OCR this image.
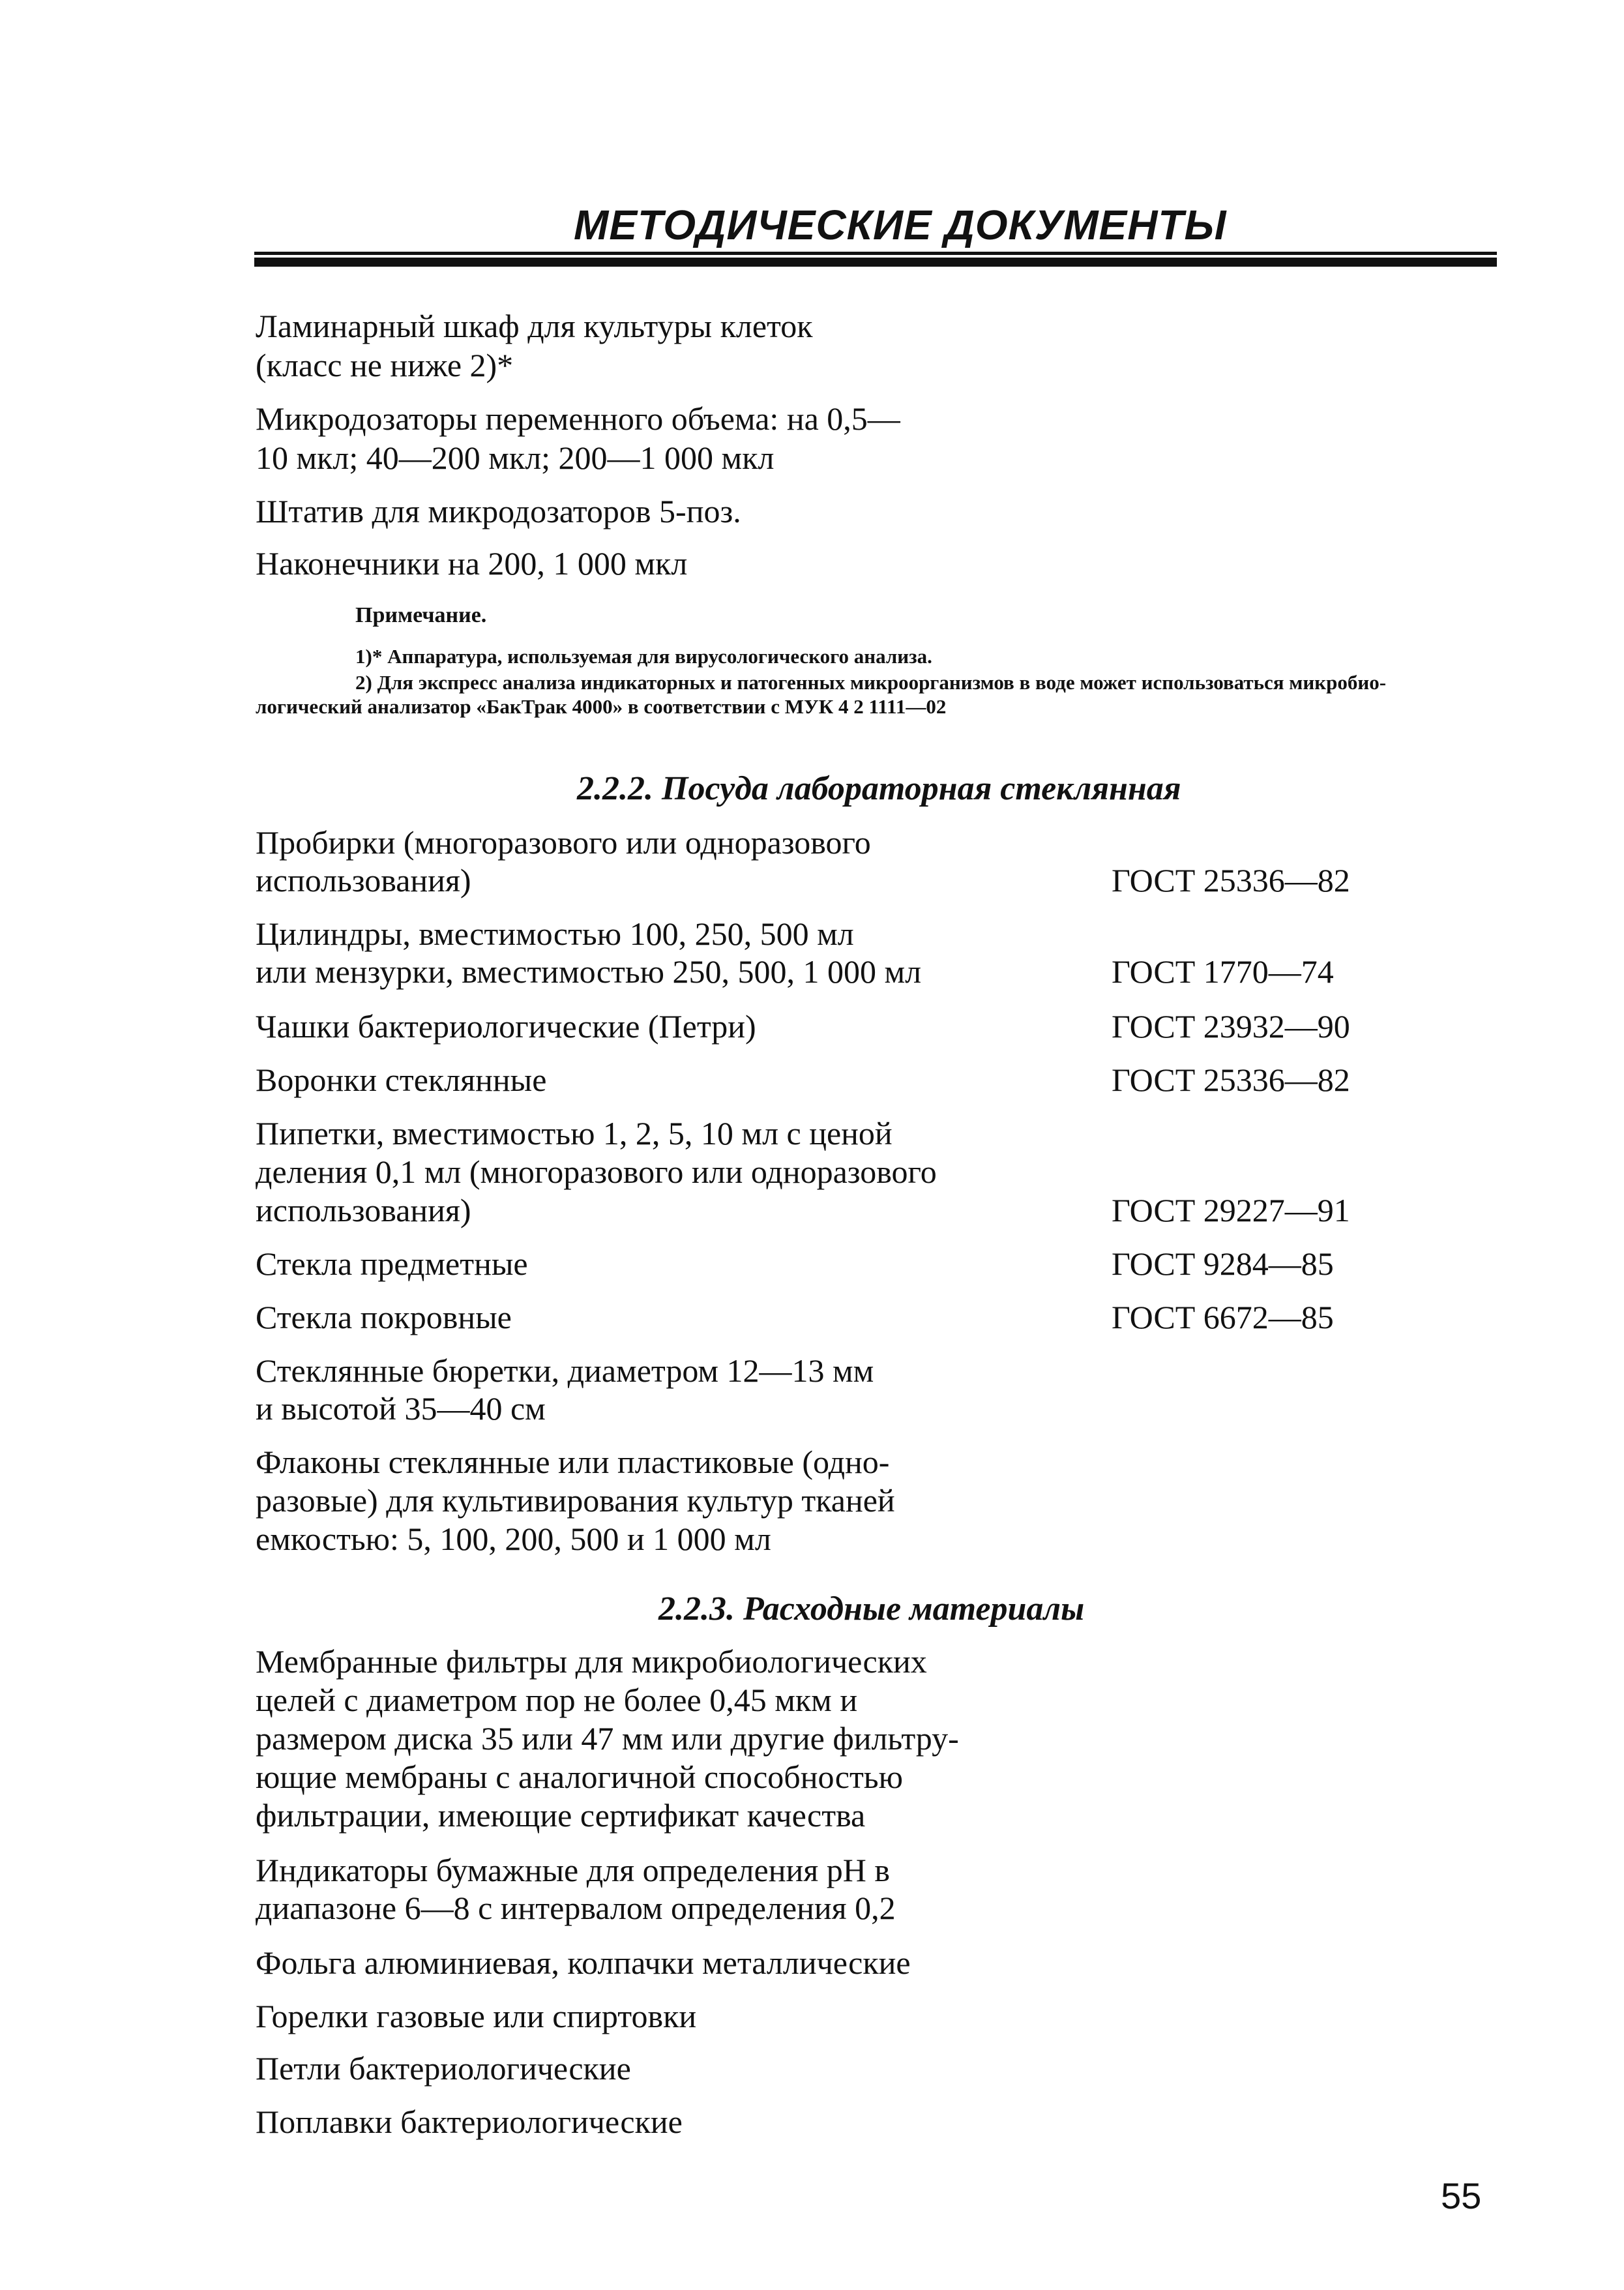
МЕТОДИЧЕСКИЕ ДОКУМЕНТЫ
Ламинарный шкаф для культуры клеток
(класс не ниже 2)*
Микродозаторы переменного объема: на 0,5—
10 мкл; 40—200 мкл; 200—1 000 мкл
Штатив для микродозаторов 5-поз.
Наконечники на 200, 1 000 мкл
Примечание.
1)* Аппаратура, используемая для вирусологического анализа.
2) Для экспресс анализа индикаторных и патогенных микроорганизмов в воде может использоваться микробио-
логический анализатор «БакТрак 4000» в соответствии с МУК 4 2 1111—02
2.2.2. Посуда лабораторная стеклянная
Пробирки (многоразового или одноразового
использования)	ГОСТ 25336—82
Цилиндры, вместимостью 100, 250, 500 мл
или мензурки, вместимостью 250, 500, 1 000 мл	ГОСТ 1770—74
Чашки бактериологические (Петри)	ГОСТ 23932—90
Воронки стеклянные	ГОСТ 25336—82
Пипетки, вместимостью 1, 2, 5, 10 мл с ценой
деления 0,1 мл (многоразового или одноразового
использования)	ГОСТ 29227—91
Стекла предметные	ГОСТ 9284—85
Стекла покровные	ГОСТ 6672—85
Стеклянные бюретки, диаметром 12—13 мм
и высотой 35—40 см
Флаконы стеклянные или пластиковые (одно-
разовые) для культивирования культур тканей
емкостью: 5, 100, 200, 500 и 1 000 мл
2.2.3. Расходные материалы
Мембранные фильтры для микробиологических
целей с диаметром пор не более 0,45 мкм и
размером диска 35 или 47 мм или другие фильтру-
ющие мембраны с аналогичной способностью
фильтрации, имеющие сертификат качества
Индикаторы бумажные для определения pH в
диапазоне 6—8 с интервалом определения 0,2
Фольга алюминиевая, колпачки металлические
Горелки газовые или спиртовки
Петли бактериологические
Поплавки бактериологические
55
